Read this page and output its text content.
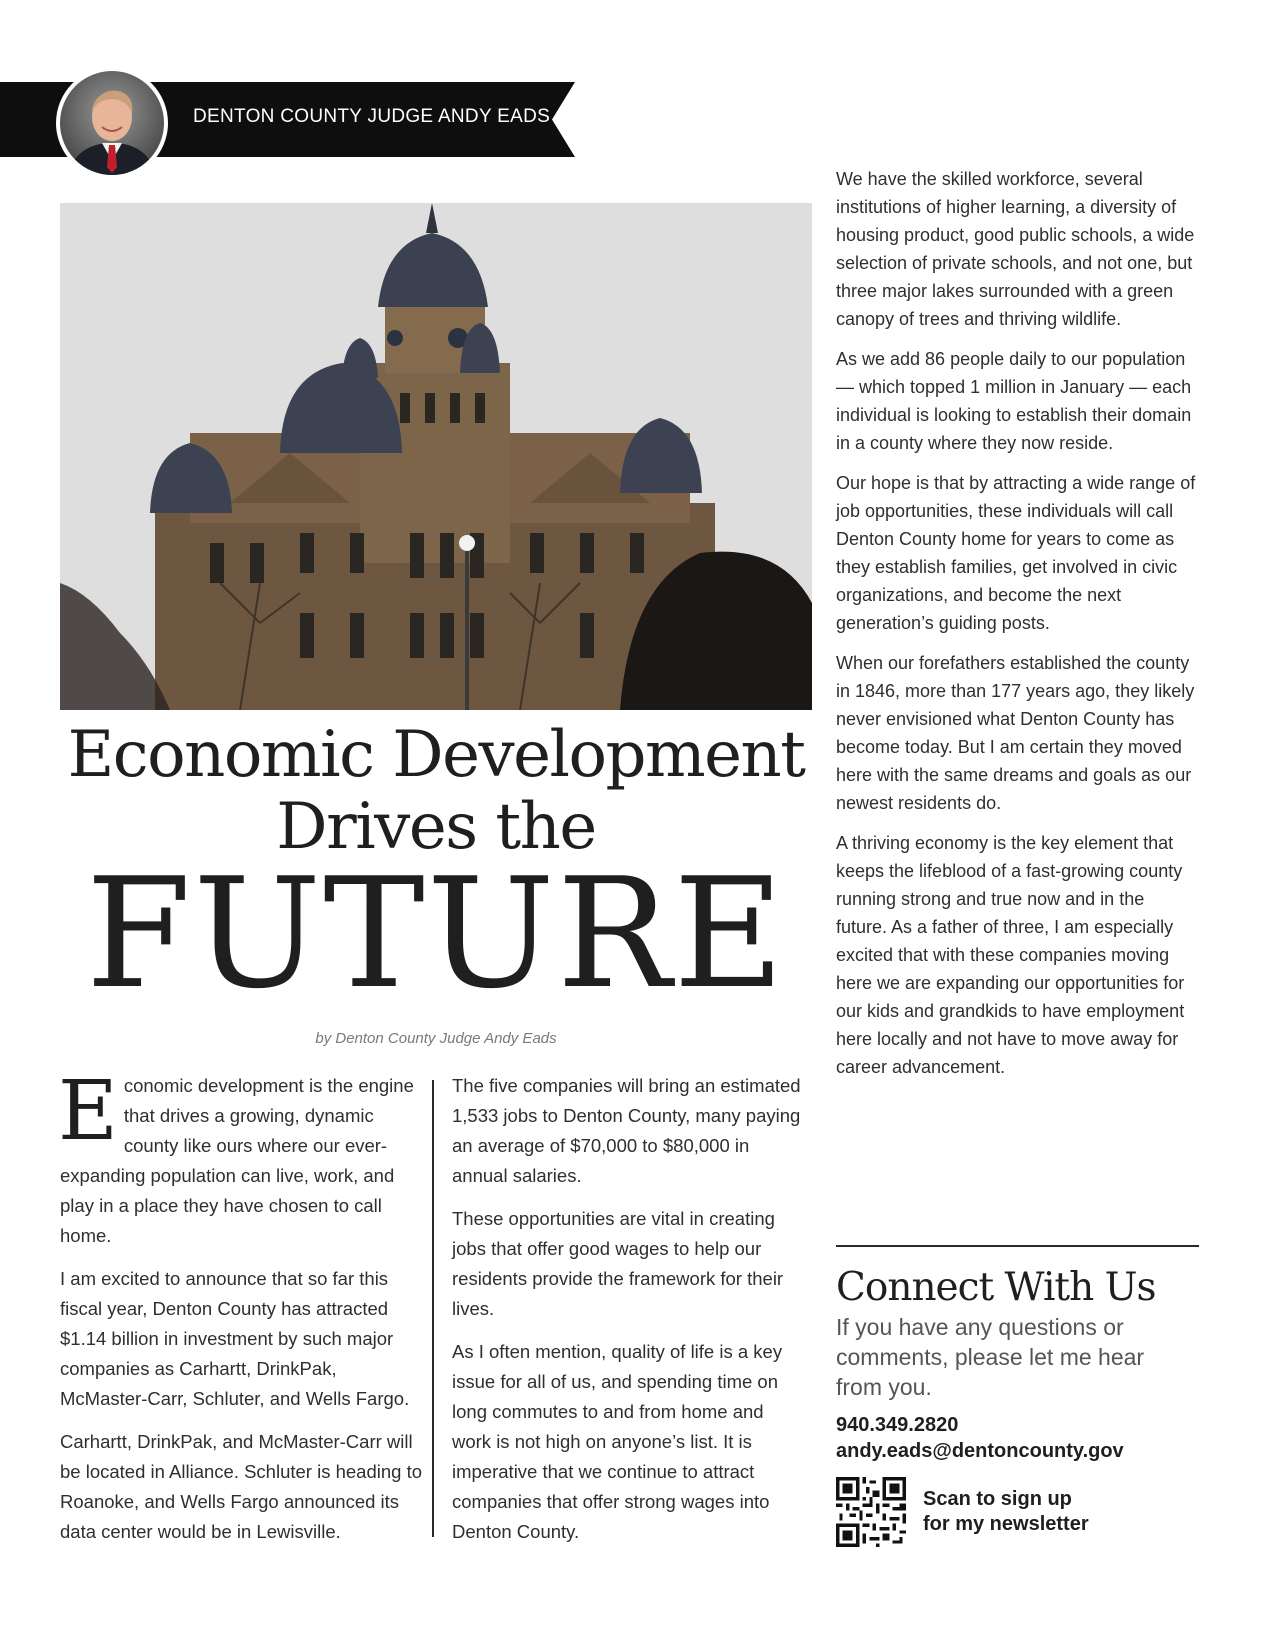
DENTON COUNTY JUDGE ANDY EADS
Economic Development
Drives the
FUTURE
by Denton County Judge Andy Eads

Economic development is the engine that drives a growing, dynamic county like ours where our ever-expanding population can live, work, and play in a place they have chosen to call home.

I am excited to announce that so far this fiscal year, Denton County has attracted $1.14 billion in investment by such major companies as Carhartt, DrinkPak, McMaster-Carr, Schluter, and Wells Fargo.

Carhartt, DrinkPak, and McMaster-Carr will be located in Alliance. Schluter is heading to Roanoke, and Wells Fargo announced its data center would be in Lewisville.

The five companies will bring an estimated 1,533 jobs to Denton County, many paying an average of $70,000 to $80,000 in annual salaries.

These opportunities are vital in creating jobs that offer good wages to help our residents provide the framework for their lives.

As I often mention, quality of life is a key issue for all of us, and spending time on long commutes to and from home and work is not high on anyone’s list. It is imperative that we continue to attract companies that offer strong wages into Denton County.

We have the skilled workforce, several institutions of higher learning, a diversity of housing product, good public schools, a wide selection of private schools, and not one, but three major lakes surrounded with a green canopy of trees and thriving wildlife.

As we add 86 people daily to our population — which topped 1 million in January — each individual is looking to establish their domain in a county where they now reside.

Our hope is that by attracting a wide range of job opportunities, these individuals will call Denton County home for years to come as they establish families, get involved in civic organizations, and become the next generation’s guiding posts.

When our forefathers established the county in 1846, more than 177 years ago, they likely never envisioned what Denton County has become today. But I am certain they moved here with the same dreams and goals as our newest residents do.

A thriving economy is the key element that keeps the lifeblood of a fast-growing county running strong and true now and in the future. As a father of three, I am especially excited that with these companies moving here we are expanding our opportunities for our kids and grandkids to have employment here locally and not have to move away for career advancement.

Connect With Us
If you have any questions or comments, please let me hear from you.
940.349.2820
andy.eads@dentoncounty.gov
Scan to sign up
for my newsletter
